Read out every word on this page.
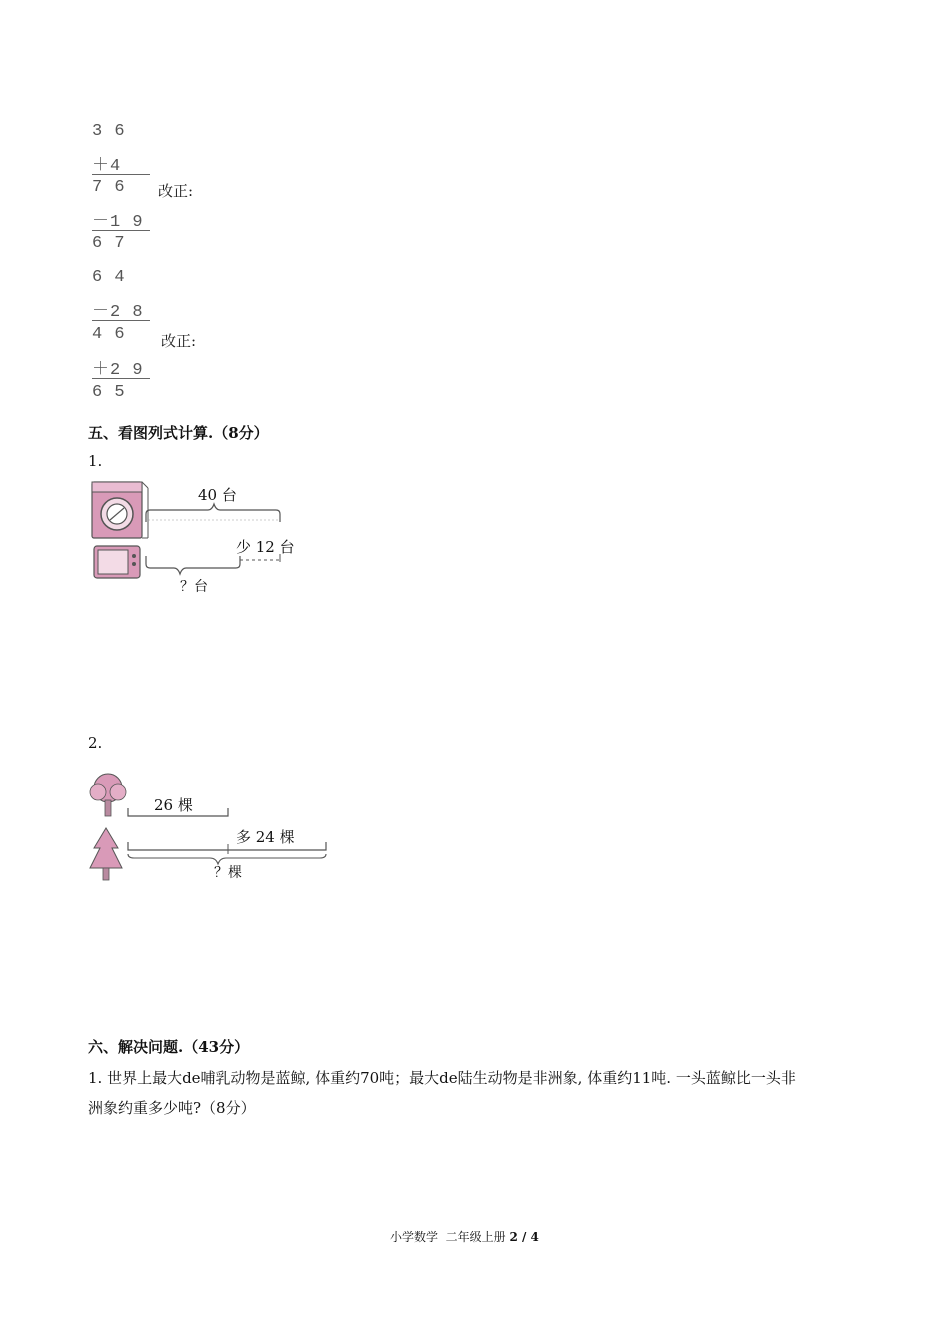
3 6
＋4
7 6
－1 9
6 7
改正:
6 4
－2 8
4 6
＋2 9
6 5
改正:
五、看图列式计算.（8分）
1.
40 台
少 12 台
？台
2.
26 棵
多 24 棵
？棵
六、解决问题.（43分）
1. 世界上最大de哺乳动物是蓝鲸, 体重约70吨；最大de陆生动物是非洲象, 体重约11吨. 一头蓝鲸比一头非
洲象约重多少吨?（8分）
小学数学  二年级上册 2 / 4
